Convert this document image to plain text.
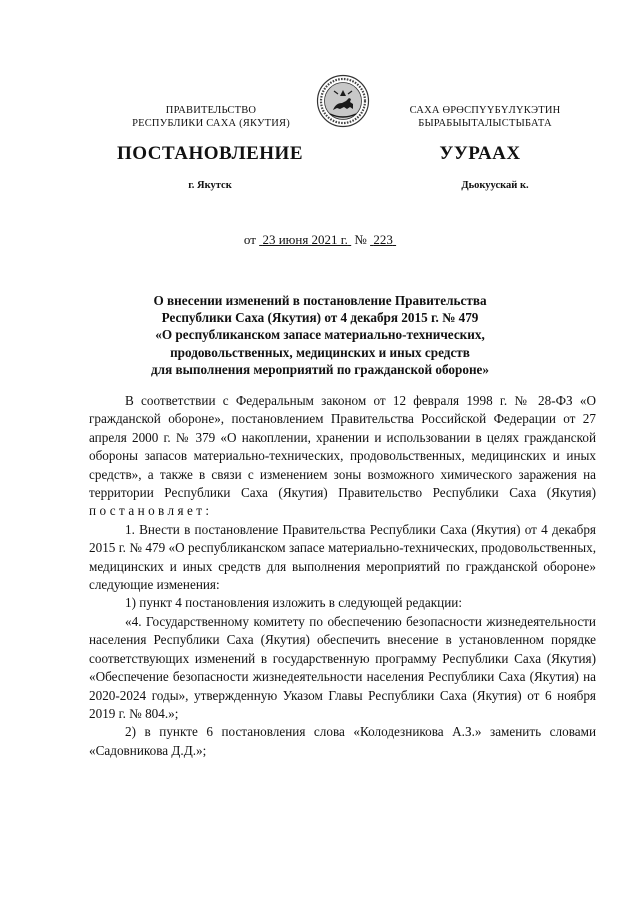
ПРАВИТЕЛЬСТВО
РЕСПУБЛИКИ САХА (ЯКУТИЯ)
САХА ӨРӨСПҮҮБҮЛҮКЭТИН
БЫРАБЫЫТАЛЫСТЫБАТА
ПОСТАНОВЛЕНИЕ	УУРААХ
г. Якутск	Дьокуускай к.
от 23 июня 2021 г. № 223
О внесении изменений в постановление Правительства
Республики Саха (Якутия) от 4 декабря 2015 г. № 479
«О республиканском запасе материально-технических,
продовольственных, медицинских и иных средств
для выполнения мероприятий по гражданской обороне»

В соответствии с Федеральным законом от 12 февраля 1998 г. № 28-ФЗ «О гражданской обороне», постановлением Правительства Российской Федерации от 27 апреля 2000 г. № 379 «О накоплении, хранении и использовании в целях гражданской обороны запасов материально-технических, продовольственных, медицинских и иных средств», а также в связи с изменением зоны возможного химического заражения на территории Республики Саха (Якутия) Правительство Республики Саха (Якутия) постановляет:

1. Внести в постановление Правительства Республики Саха (Якутия) от 4 декабря 2015 г. № 479 «О республиканском запасе материально-технических, продовольственных, медицинских и иных средств для выполнения мероприятий по гражданской обороне» следующие изменения:

1) пункт 4 постановления изложить в следующей редакции:

«4. Государственному комитету по обеспечению безопасности жизнедеятельности населения Республики Саха (Якутия) обеспечить внесение в установленном порядке соответствующих изменений в государственную программу Республики Саха (Якутия) «Обеспечение безопасности жизнедеятельности населения Республики Саха (Якутия) на 2020-2024 годы», утвержденную Указом Главы Республики Саха (Якутия) от 6 ноября 2019 г. № 804.»;

2) в пункте 6 постановления слова «Колодезникова А.З.» заменить словами «Садовникова Д.Д.»;
